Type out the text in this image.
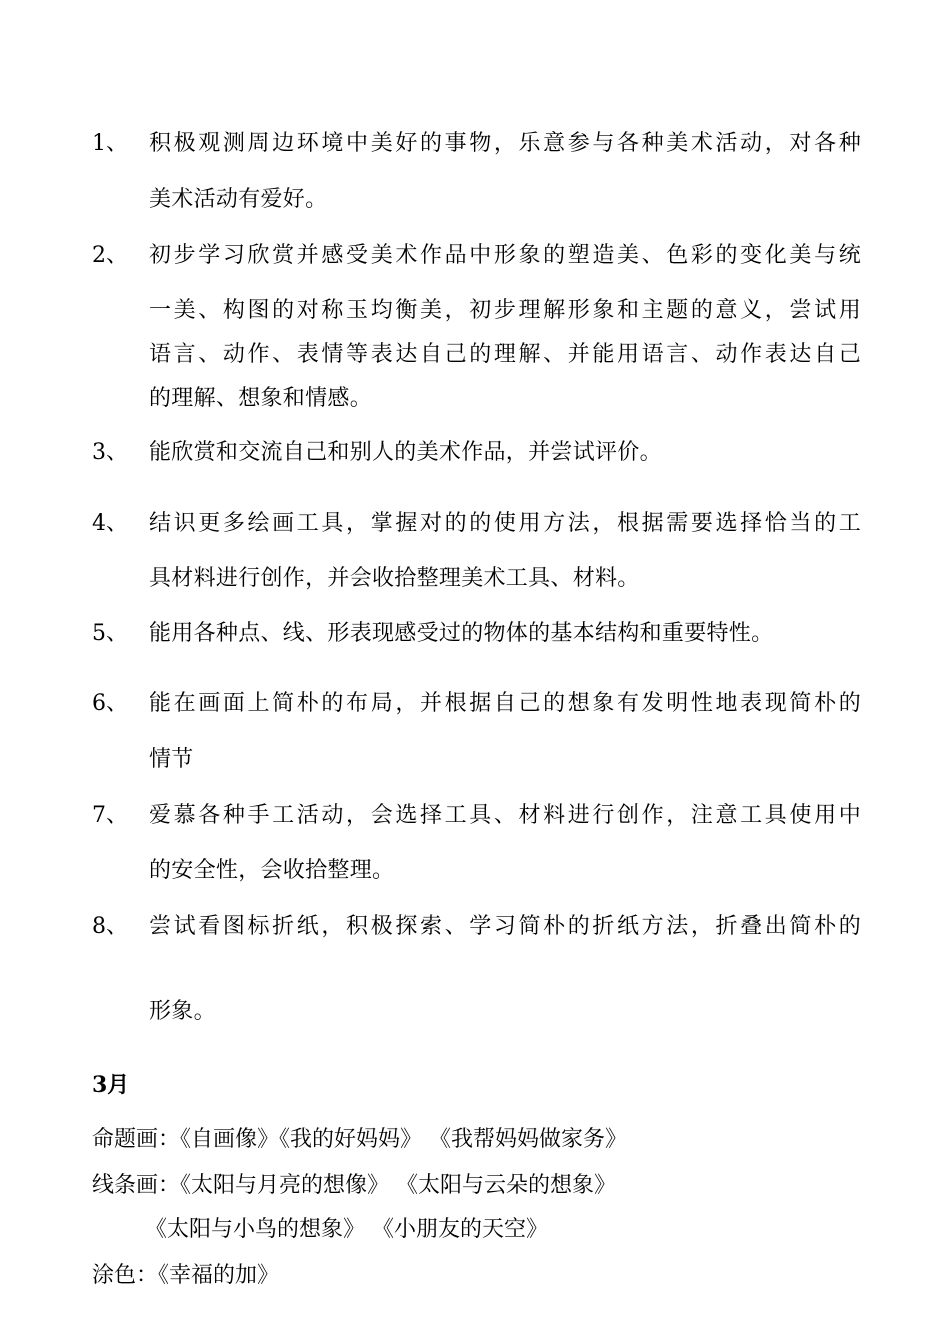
1、 积极观测周边环境中美好的事物，乐意参与各种美术活动，对各种
美术活动有爱好。
2、 初步学习欣赏并感受美术作品中形象的塑造美、色彩的变化美与统
一美、构图的对称玉均衡美，初步理解形象和主题的意义，尝试用
语言、动作、表情等表达自己的理解、并能用语言、动作表达自己
的理解、想象和情感。
3、 能欣赏和交流自己和别人的美术作品，并尝试评价。
4、 结识更多绘画工具，掌握对的的使用方法，根据需要选择恰当的工
具材料进行创作，并会收拾整理美术工具、材料。
5、 能用各种点、线、形表现感受过的物体的基本结构和重要特性。
6、 能在画面上简朴的布局，并根据自己的想象有发明性地表现简朴的
情节
7、 爱慕各种手工活动，会选择工具、材料进行创作，注意工具使用中
的安全性，会收拾整理。
8、 尝试看图标折纸，积极探索、学习简朴的折纸方法，折叠出简朴的
形象。
3月
命题画：《自画像》《我的好妈妈》 《我帮妈妈做家务》
线条画：《太阳与月亮的想像》 《太阳与云朵的想象》
《太阳与小鸟的想象》 《小朋友的天空》
涂色：《幸福的加》
